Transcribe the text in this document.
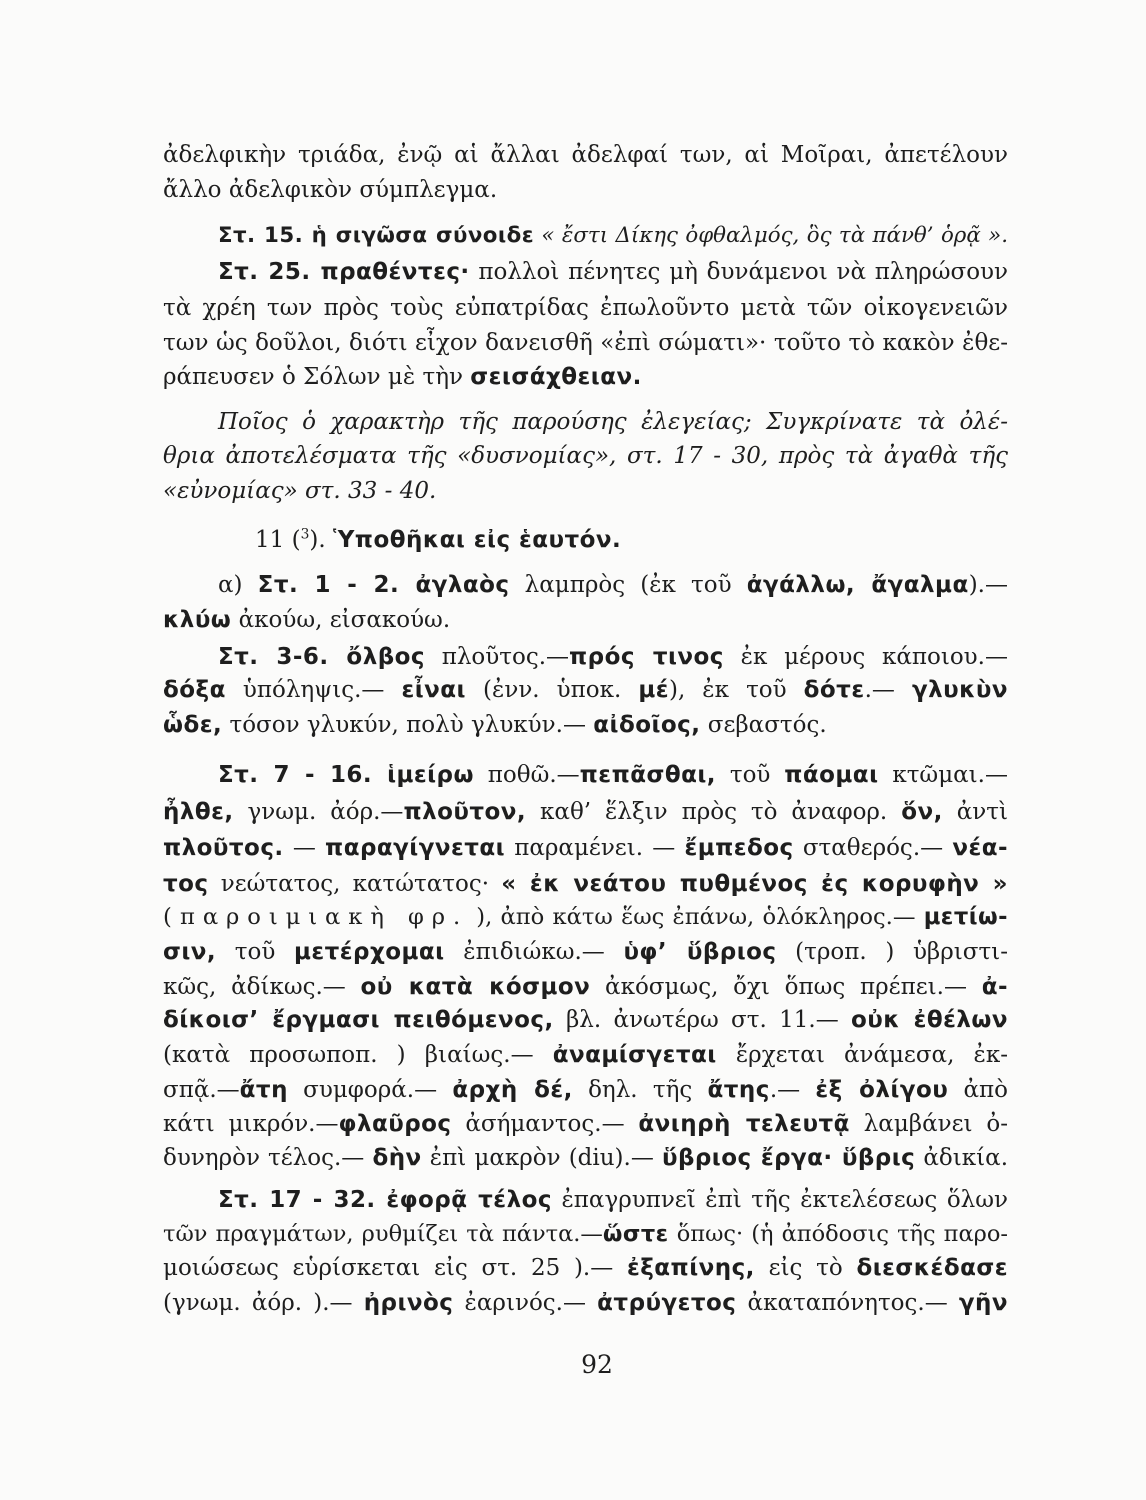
ἀδελφικὴν τριάδα, ἐνῷ αἱ ἄλλαι ἀδελφαί των, αἱ Μοῖραι, ἀπετέλουν
ἄλλο ἀδελφικὸν σύμπλεγμα.
Στ. 15. ἡ σιγῶσα σύνοιδε « ἔστι Δίκης ὀφθαλμός, ὃς τὰ πάνθ’ ὁρᾷ ».
Στ. 25. πραθέντες· πολλοὶ πένητες μὴ δυνάμενοι νὰ πληρώσουν
τὰ χρέη των πρὸς τοὺς εὐπατρίδας ἐπωλοῦντο μετὰ τῶν οἰκογενειῶν
των ὡς δοῦλοι, διότι εἶχον δανεισθῆ «ἐπὶ σώματι»· τοῦτο τὸ κακὸν ἐθε-
ράπευσεν ὁ Σόλων μὲ τὴν σεισάχθειαν.
Ποῖος ὁ χαρακτὴρ τῆς παρούσης ἐλεγείας; Συγκρίνατε τὰ ὀλέ-
θρια ἀποτελέσματα τῆς «δυσνομίας», στ. 17 - 30, πρὸς τὰ ἀγαθὰ τῆς
«εὐνομίας» στ. 33 - 40.
11 ($^3$). Ὑποθῆκαι εἰς ἑαυτόν.
α) Στ. 1 - 2. ἀγλαὸς λαμπρὸς (ἐκ τοῦ ἀγάλλω, ἄγαλμα).—
κλύω ἀκούω, εἰσακούω.
Στ. 3-6. ὄλβος πλοῦτος.—πρός τινος ἐκ μέρους κάποιου.—
δόξα ὑπόληψις.— εἶναι (ἐνν. ὑποκ. μέ), ἐκ τοῦ δότε.— γλυκὺν
ὧδε, τόσον γλυκύν, πολὺ γλυκύν.— αἰδοῖος, σεβαστός.
Στ. 7 - 16. ἱμείρω ποθῶ.—πεπᾶσθαι, τοῦ πάομαι κτῶμαι.—
ἦλθε, γνωμ. ἀόρ.—πλοῦτον, καθ’ ἕλξιν πρὸς τὸ ἀναφορ. ὅν, ἀντὶ
πλοῦτος. — παραγίγνεται παραμένει. — ἔμπεδος σταθερός.— νέα-
τος νεώτατος, κατώτατος· « ἐκ νεάτου πυθμένος ἐς κορυφὴν »
( παροιμιακὴ φρ. ), ἀπὸ κάτω ἕως ἐπάνω, ὁλόκληρος.— μετίω-
σιν, τοῦ μετέρχομαι ἐπιδιώκω.— ὑφ’ ὕβριος (τροπ. ) ὑβριστι-
κῶς, ἀδίκως.— οὐ κατὰ κόσμον ἀκόσμως, ὄχι ὅπως πρέπει.— ἀ-
δίκοισ’ ἔργμασι πειθόμενος, βλ. ἀνωτέρω στ. 11.— οὐκ ἐθέλων
(κατὰ προσωποπ. ) βιαίως.— ἀναμίσγεται ἔρχεται ἀνάμεσα, ἐκ-
σπᾷ.—ἄτη συμφορά.— ἀρχὴ δέ, δηλ. τῆς ἄτης.— ἐξ ὀλίγου ἀπὸ
κάτι μικρόν.—φλαῦρος ἀσήμαντος.— ἀνιηρὴ τελευτᾷ λαμβάνει ὀ-
δυνηρὸν τέλος.— δὴν ἐπὶ μακρὸν (diu).— ὕβριος ἔργα· ὕβρις ἀδικία.
Στ. 17 - 32. ἐφορᾷ τέλος ἐπαγρυπνεῖ ἐπὶ τῆς ἐκτελέσεως ὅλων
τῶν πραγμάτων, ρυθμίζει τὰ πάντα.—ὥστε ὅπως· (ἡ ἀπόδοσις τῆς παρο-
μοιώσεως εὑρίσκεται εἰς στ. 25 ).— ἐξαπίνης, εἰς τὸ διεσκέδασε
(γνωμ. ἀόρ. ).— ἠρινὸς ἐαρινός.— ἀτρύγετος ἀκαταπόνητος.— γῆν
92
